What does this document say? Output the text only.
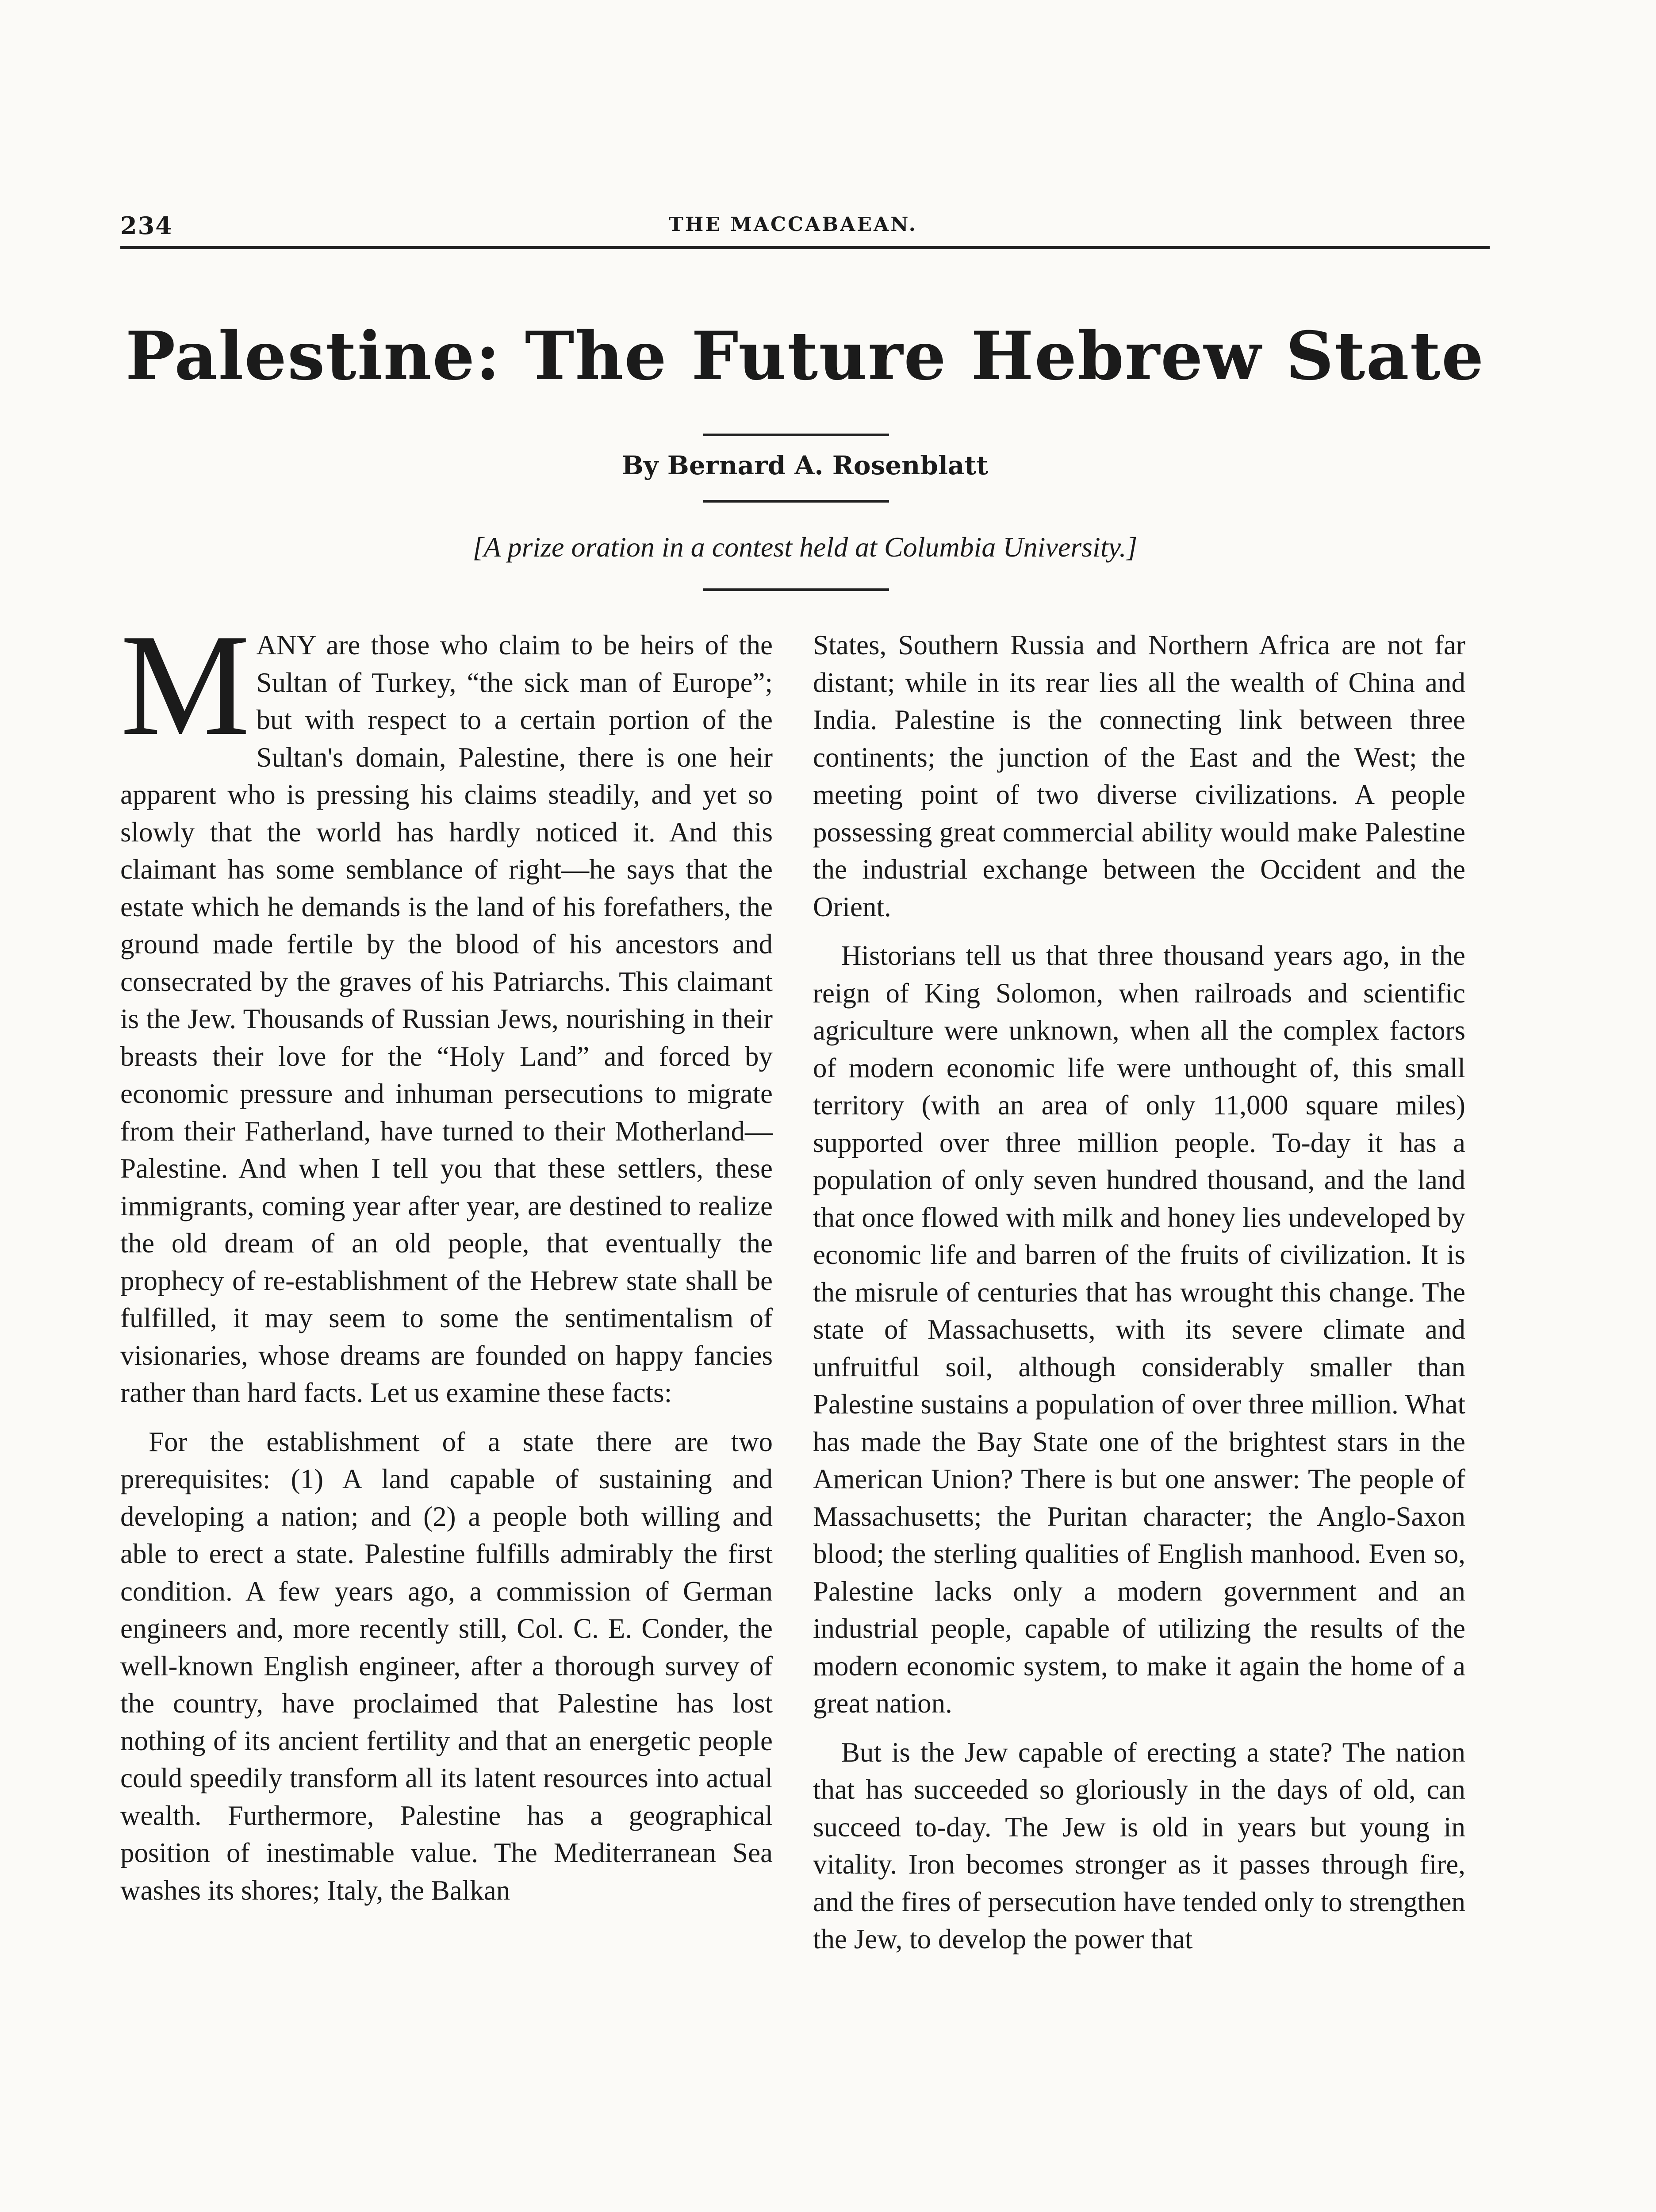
234	THE MACCABAEAN.
Palestine: The Future Hebrew State
By Bernard A. Rosenblatt
[A prize oration in a contest held at Columbia University.]

MANY are those who claim to be heirs of the Sultan of Turkey, “the sick man of Europe”; but with respect to a certain portion of the Sultan's domain, Palestine, there is one heir apparent who is pressing his claims steadily, and yet so slowly that the world has hardly noticed it. And this claimant has some semblance of right—he says that the estate which he demands is the land of his forefathers, the ground made fertile by the blood of his ancestors and consecrated by the graves of his Patriarchs. This claimant is the Jew. Thousands of Russian Jews, nourishing in their breasts their love for the “Holy Land” and forced by economic pressure and inhuman persecutions to migrate from their Fatherland, have turned to their Motherland—Palestine. And when I tell you that these settlers, these immigrants, coming year after year, are destined to realize the old dream of an old people, that eventually the prophecy of re-establishment of the Hebrew state shall be fulfilled, it may seem to some the sentimentalism of visionaries, whose dreams are founded on happy fancies rather than hard facts. Let us examine these facts:

For the establishment of a state there are two prerequisites: (1) A land capable of sustaining and developing a nation; and (2) a people both willing and able to erect a state. Palestine fulfills admirably the first condition. A few years ago, a commission of German engineers and, more recently still, Col. C. E. Conder, the well-known English engineer, after a thorough survey of the country, have proclaimed that Palestine has lost nothing of its ancient fertility and that an energetic people could speedily transform all its latent resources into actual wealth. Furthermore, Palestine has a geographical position of inestimable value. The Mediterranean Sea washes its shores; Italy, the Balkan

States, Southern Russia and Northern Africa are not far distant; while in its rear lies all the wealth of China and India. Palestine is the connecting link between three continents; the junction of the East and the West; the meeting point of two diverse civilizations. A people possessing great commercial ability would make Palestine the industrial exchange between the Occident and the Orient.

Historians tell us that three thousand years ago, in the reign of King Solomon, when railroads and scientific agriculture were unknown, when all the complex factors of modern economic life were unthought of, this small territory (with an area of only 11,000 square miles) supported over three million people. To-day it has a population of only seven hundred thousand, and the land that once flowed with milk and honey lies undeveloped by economic life and barren of the fruits of civilization. It is the misrule of centuries that has wrought this change. The state of Massachusetts, with its severe climate and unfruitful soil, although considerably smaller than Palestine sustains a population of over three million. What has made the Bay State one of the brightest stars in the American Union? There is but one answer: The people of Massachusetts; the Puritan character; the Anglo-Saxon blood; the sterling qualities of English manhood. Even so, Palestine lacks only a modern government and an industrial people, capable of utilizing the results of the modern economic system, to make it again the home of a great nation.

But is the Jew capable of erecting a state? The nation that has succeeded so gloriously in the days of old, can succeed to-day. The Jew is old in years but young in vitality. Iron becomes stronger as it passes through fire, and the fires of persecution have tended only to strengthen the Jew, to develop the power that
